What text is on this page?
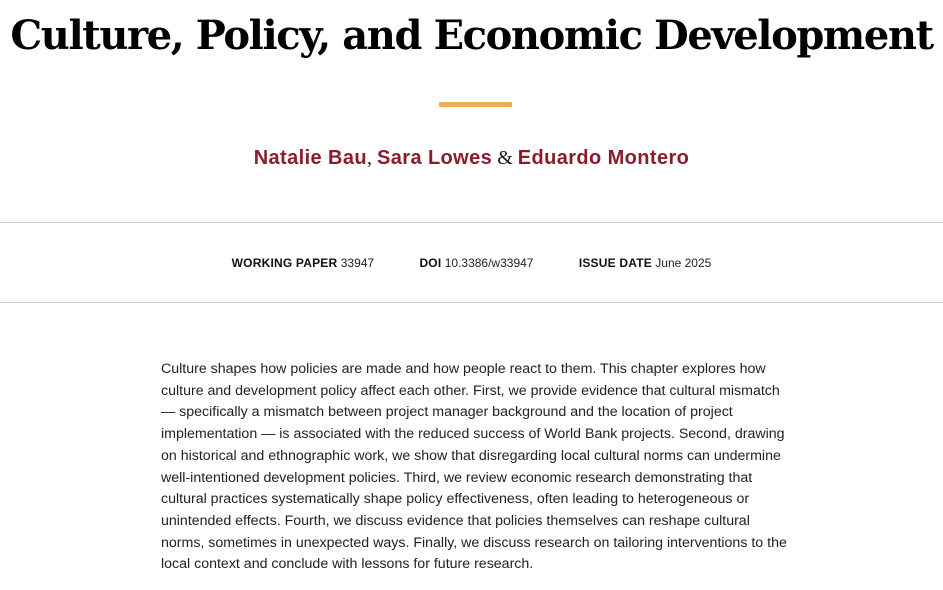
Culture, Policy, and Economic Development
Natalie Bau, Sara Lowes & Eduardo Montero
WORKING PAPER 33947	DOI 10.3386/w33947	ISSUE DATE June 2025

Culture shapes how policies are made and how people react to them. This chapter explores how culture and development policy affect each other. First, we provide evidence that cultural mismatch — specifically a mismatch between project manager background and the location of project implementation — is associated with the reduced success of World Bank projects. Second, drawing on historical and ethnographic work, we show that disregarding local cultural norms can undermine well-intentioned development policies. Third, we review economic research demonstrating that cultural practices systematically shape policy effectiveness, often leading to heterogeneous or unintended effects. Fourth, we discuss evidence that policies themselves can reshape cultural norms, sometimes in unexpected ways. Finally, we discuss research on tailoring interventions to the local context and conclude with lessons for future research.
